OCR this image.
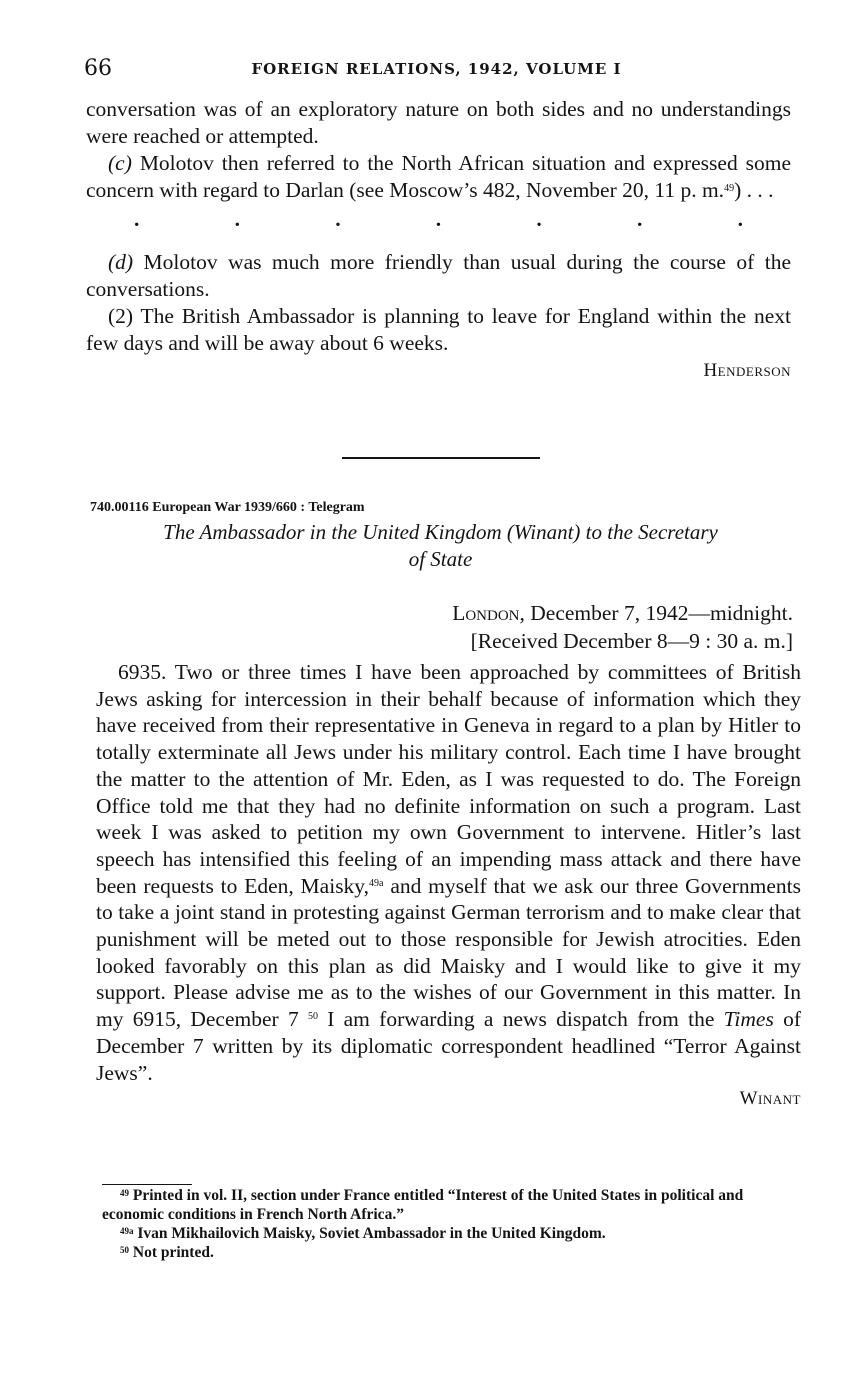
66	FOREIGN RELATIONS, 1942, VOLUME I

conversation was of an exploratory nature on both sides and no understandings were reached or attempted.

(c) Molotov then referred to the North African situation and expressed some concern with regard to Darlan (see Moscow’s 482, November 20, 11 p. m.$^{49}$) . . .

.	.	.	.	.	.	.

(d) Molotov was much more friendly than usual during the course of the conversations.

(2) The British Ambassador is planning to leave for England within the next few days and will be away about 6 weeks.

Henderson
740.00116 European War 1939/660 : Telegram
The Ambassador in the United Kingdom (Winant) to the Secretary
of State
London, December 7, 1942—midnight.
[Received December 8—9 : 30 a. m.]

6935. Two or three times I have been approached by committees of British Jews asking for intercession in their behalf because of information which they have received from their representative in Geneva in regard to a plan by Hitler to totally exterminate all Jews under his military control. Each time I have brought the matter to the attention of Mr. Eden, as I was requested to do. The Foreign Office told me that they had no definite information on such a program. Last week I was asked to petition my own Government to intervene. Hitler’s last speech has intensified this feeling of an impending mass attack and there have been requests to Eden, Maisky,$^{49a}$ and myself that we ask our three Governments to take a joint stand in protesting against German terrorism and to make clear that punishment will be meted out to those responsible for Jewish atrocities. Eden looked favorably on this plan as did Maisky and I would like to give it my support. Please advise me as to the wishes of our Government in this matter. In my 6915, December 7 $^{50}$ I am forwarding a news dispatch from the Times of December 7 written by its diplomatic correspondent headlined “Terror Against Jews”.

Winant

$^{49}$ Printed in vol. II, section under France entitled “Interest of the United States in political and economic conditions in French North Africa.”

$^{49a}$ Ivan Mikhailovich Maisky, Soviet Ambassador in the United Kingdom.

$^{50}$ Not printed.
